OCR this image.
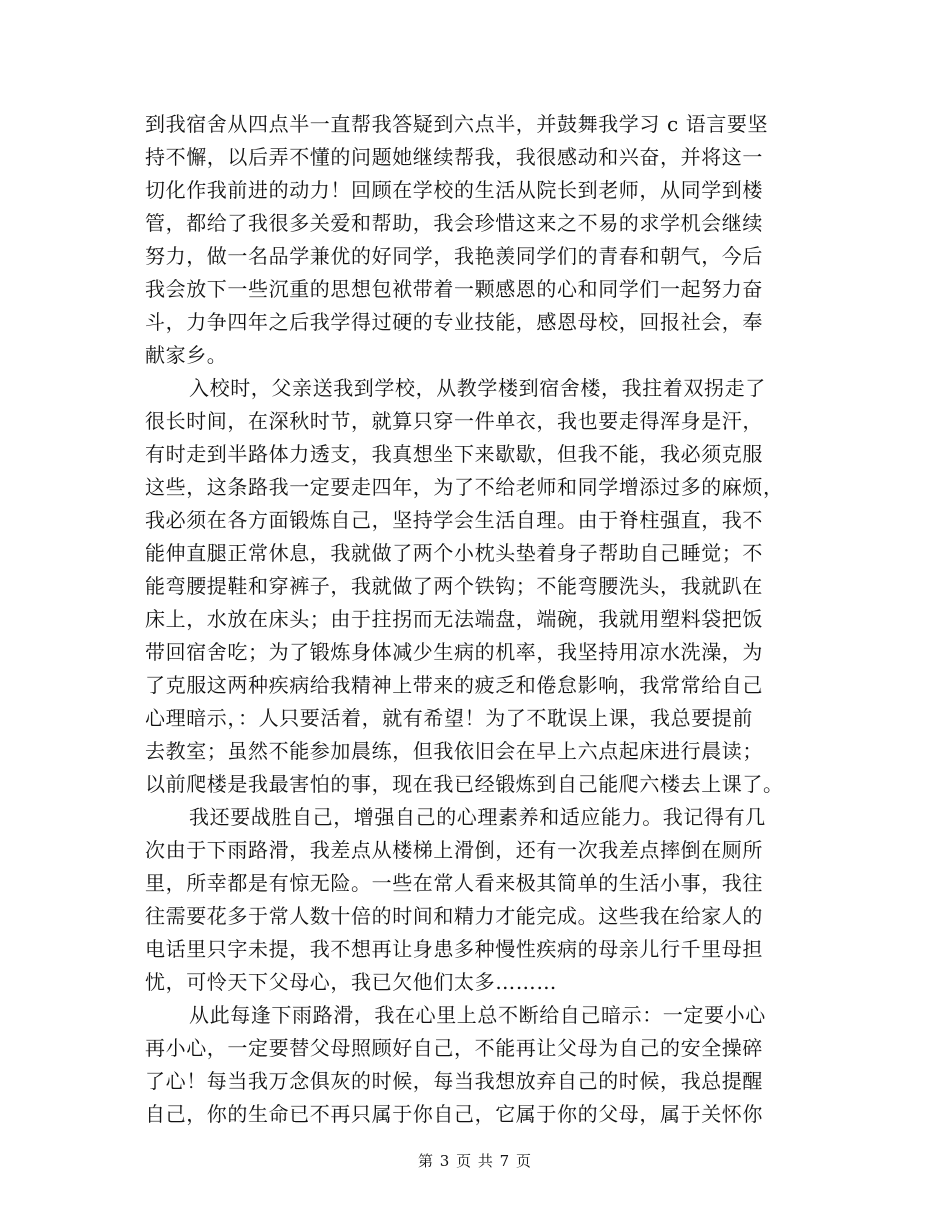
到我宿舍从四点半一直帮我答疑到六点半，并鼓舞我学习 c 语言要坚
持不懈，以后弄不懂的问题她继续帮我，我很感动和兴奋，并将这一
切化作我前进的动力！回顾在学校的生活从院长到老师，从同学到楼
管，都给了我很多关爱和帮助，我会珍惜这来之不易的求学机会继续
努力，做一名品学兼优的好同学，我艳羡同学们的青春和朝气，今后
我会放下一些沉重的思想包袱带着一颗感恩的心和同学们一起努力奋
斗，力争四年之后我学得过硬的专业技能，感恩母校，回报社会，奉
献家乡。
入校时，父亲送我到学校，从教学楼到宿舍楼，我拄着双拐走了
很长时间，在深秋时节，就算只穿一件单衣，我也要走得浑身是汗，
有时走到半路体力透支，我真想坐下来歇歇，但我不能，我必须克服
这些，这条路我一定要走四年，为了不给老师和同学增添过多的麻烦，
我必须在各方面锻炼自己，坚持学会生活自理。由于脊柱强直，我不
能伸直腿正常休息，我就做了两个小枕头垫着身子帮助自己睡觉；不
能弯腰提鞋和穿裤子，我就做了两个铁钩；不能弯腰洗头，我就趴在
床上，水放在床头；由于拄拐而无法端盘，端碗，我就用塑料袋把饭
带回宿舍吃；为了锻炼身体减少生病的机率，我坚持用凉水洗澡，为
了克服这两种疾病给我精神上带来的疲乏和倦怠影响，我常常给自己
心理暗示，：人只要活着，就有希望！为了不耽误上课，我总要提前
去教室；虽然不能参加晨练，但我依旧会在早上六点起床进行晨读；
以前爬楼是我最害怕的事，现在我已经锻炼到自己能爬六楼去上课了。
我还要战胜自己，增强自己的心理素养和适应能力。我记得有几
次由于下雨路滑，我差点从楼梯上滑倒，还有一次我差点摔倒在厕所
里，所幸都是有惊无险。一些在常人看来极其简单的生活小事，我往
往需要花多于常人数十倍的时间和精力才能完成。这些我在给家人的
电话里只字未提，我不想再让身患多种慢性疾病的母亲儿行千里母担
忧，可怜天下父母心，我已欠他们太多………
从此每逢下雨路滑，我在心里上总不断给自己暗示：一定要小心
再小心，一定要替父母照顾好自己，不能再让父母为自己的安全操碎
了心！每当我万念俱灰的时候，每当我想放弃自己的时候，我总提醒
自己，你的生命已不再只属于你自己，它属于你的父母，属于关怀你
第 3 页 共 7 页
